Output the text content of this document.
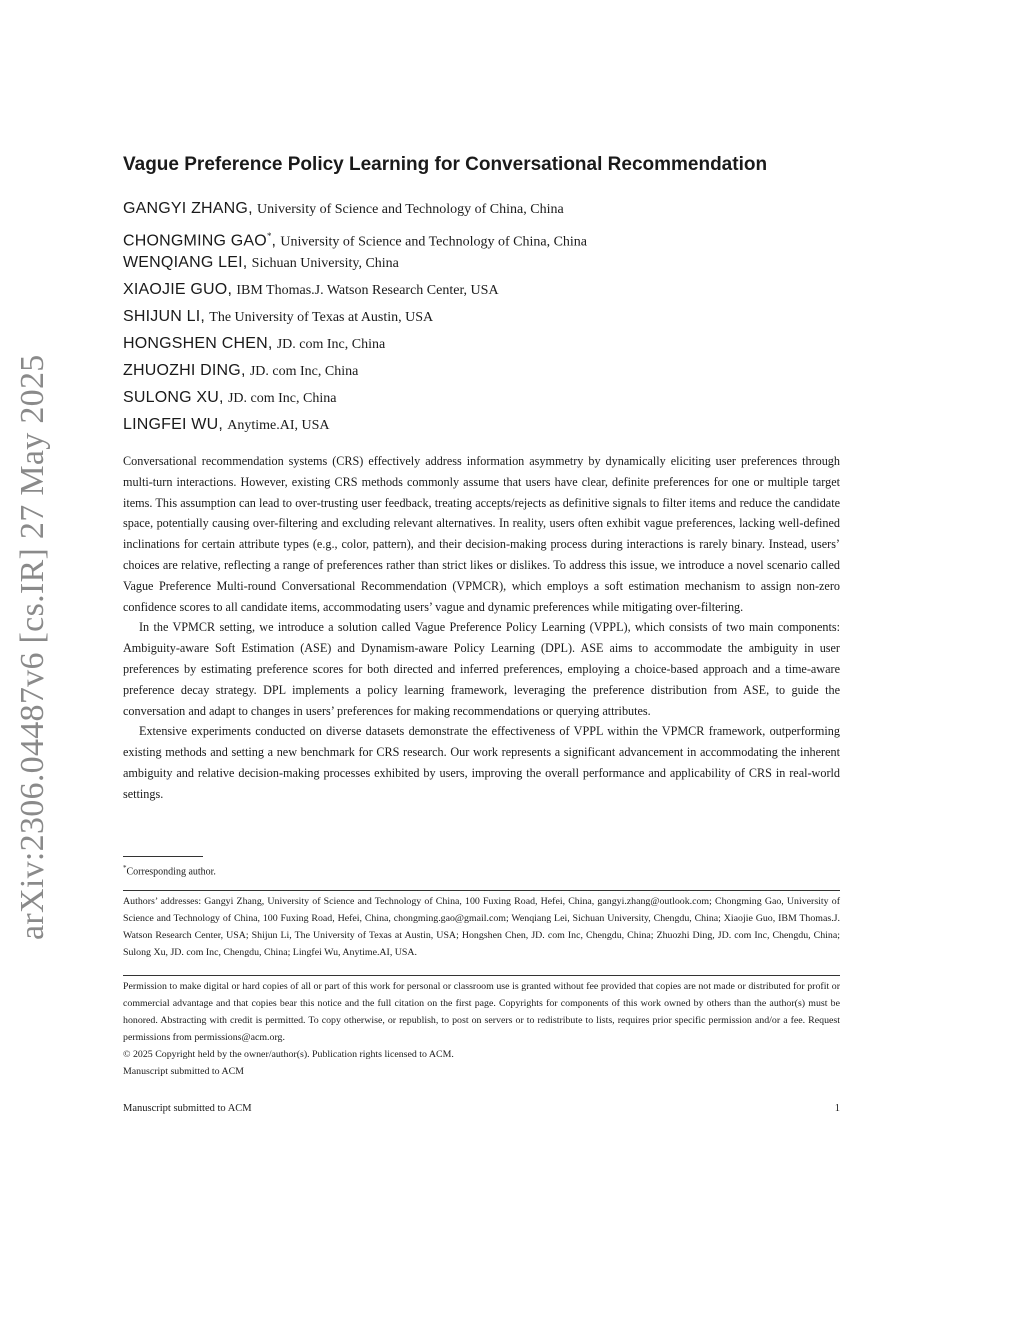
arXiv:2306.04487v6 [cs.IR] 27 May 2025
Vague Preference Policy Learning for Conversational Recommendation
GANGYI ZHANG, University of Science and Technology of China, China
CHONGMING GAO*, University of Science and Technology of China, China
WENQIANG LEI, Sichuan University, China
XIAOJIE GUO, IBM Thomas.J. Watson Research Center, USA
SHIJUN LI, The University of Texas at Austin, USA
HONGSHEN CHEN, JD. com Inc, China
ZHUOZHI DING, JD. com Inc, China
SULONG XU, JD. com Inc, China
LINGFEI WU, Anytime.AI, USA

Conversational recommendation systems (CRS) effectively address information asymmetry by dynamically eliciting user preferences through multi-turn interactions. However, existing CRS methods commonly assume that users have clear, definite preferences for one or multiple target items. This assumption can lead to over-trusting user feedback, treating accepts/rejects as definitive signals to filter items and reduce the candidate space, potentially causing over-filtering and excluding relevant alternatives. In reality, users often exhibit vague preferences, lacking well-defined inclinations for certain attribute types (e.g., color, pattern), and their decision-making process during interactions is rarely binary. Instead, users’ choices are relative, reflecting a range of preferences rather than strict likes or dislikes. To address this issue, we introduce a novel scenario called Vague Preference Multi-round Conversational Recommendation (VPMCR), which employs a soft estimation mechanism to assign non-zero confidence scores to all candidate items, accommodating users’ vague and dynamic preferences while mitigating over-filtering.

In the VPMCR setting, we introduce a solution called Vague Preference Policy Learning (VPPL), which consists of two main components: Ambiguity-aware Soft Estimation (ASE) and Dynamism-aware Policy Learning (DPL). ASE aims to accommodate the ambiguity in user preferences by estimating preference scores for both directed and inferred preferences, employing a choice-based approach and a time-aware preference decay strategy. DPL implements a policy learning framework, leveraging the preference distribution from ASE, to guide the conversation and adapt to changes in users’ preferences for making recommendations or querying attributes.

Extensive experiments conducted on diverse datasets demonstrate the effectiveness of VPPL within the VPMCR framework, outperforming existing methods and setting a new benchmark for CRS research. Our work represents a significant advancement in accommodating the inherent ambiguity and relative decision-making processes exhibited by users, improving the overall performance and applicability of CRS in real-world settings.

*Corresponding author.
Authors’ addresses: Gangyi Zhang, University of Science and Technology of China, 100 Fuxing Road, Hefei, China, gangyi.zhang@outlook.com; Chongming Gao, University of Science and Technology of China, 100 Fuxing Road, Hefei, China, chongming.gao@gmail.com; Wenqiang Lei, Sichuan University, Chengdu, China; Xiaojie Guo, IBM Thomas.J. Watson Research Center, USA; Shijun Li, The University of Texas at Austin, USA; Hongshen Chen, JD. com Inc, Chengdu, China; Zhuozhi Ding, JD. com Inc, Chengdu, China; Sulong Xu, JD. com Inc, Chengdu, China; Lingfei Wu, Anytime.AI, USA.
Permission to make digital or hard copies of all or part of this work for personal or classroom use is granted without fee provided that copies are not made or distributed for profit or commercial advantage and that copies bear this notice and the full citation on the first page. Copyrights for components of this work owned by others than the author(s) must be honored. Abstracting with credit is permitted. To copy otherwise, or republish, to post on servers or to redistribute to lists, requires prior specific permission and/or a fee. Request permissions from permissions@acm.org.
© 2025 Copyright held by the owner/author(s). Publication rights licensed to ACM.
Manuscript submitted to ACM
Manuscript submitted to ACM	1
